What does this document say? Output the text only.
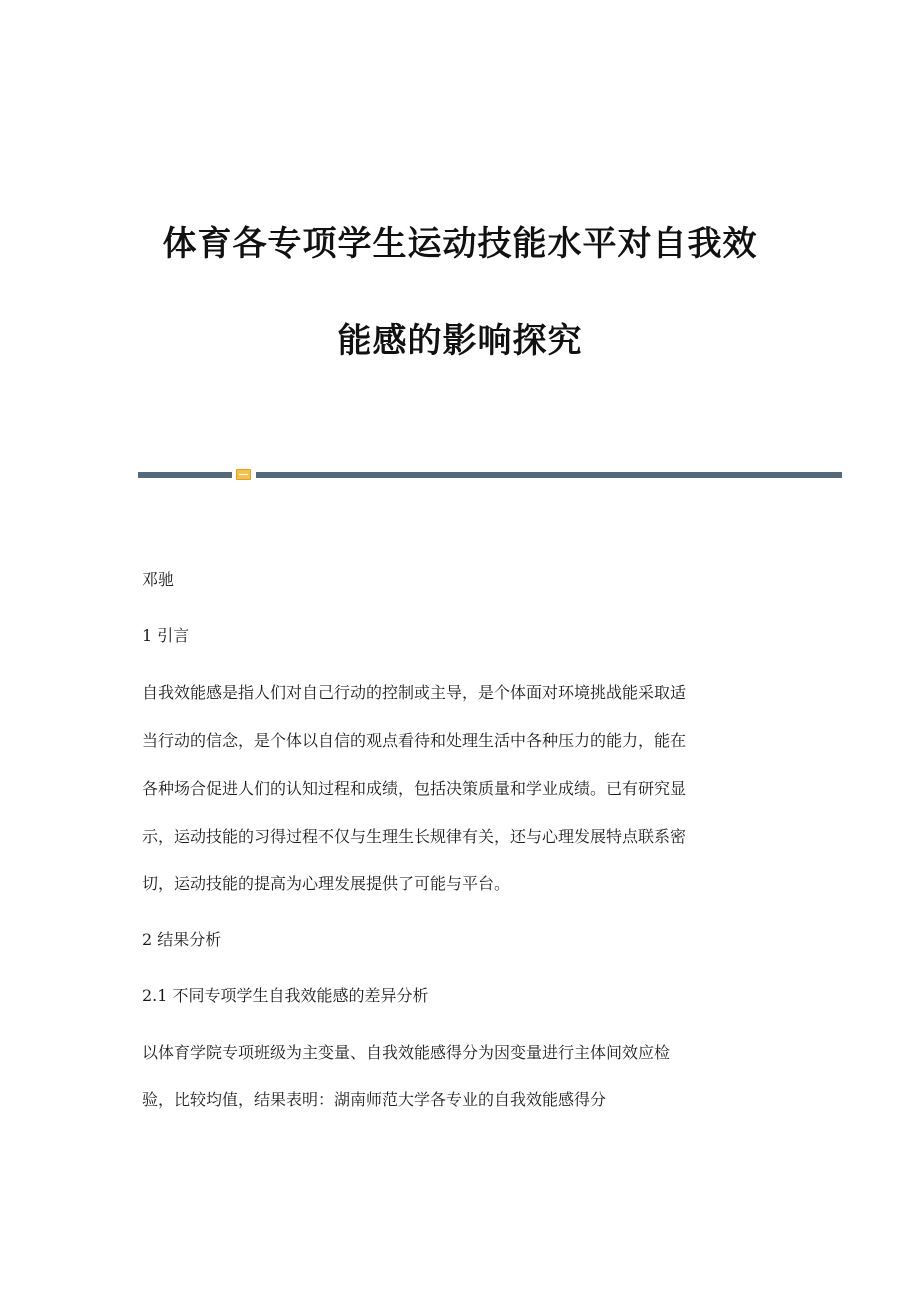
体育各专项学生运动技能水平对自我效
能感的影响探究
邓驰
1 引言
自我效能感是指人们对自己行动的控制或主导，是个体面对环境挑战能采取适
当行动的信念，是个体以自信的观点看待和处理生活中各种压力的能力，能在
各种场合促进人们的认知过程和成绩，包括决策质量和学业成绩。已有研究显
示，运动技能的习得过程不仅与生理生长规律有关，还与心理发展特点联系密
切，运动技能的提高为心理发展提供了可能与平台。
2 结果分析
2.1 不同专项学生自我效能感的差异分析
以体育学院专项班级为主变量、自我效能感得分为因变量进行主体间效应检
验，比较均值，结果表明：湖南师范大学各专业的自我效能感得分
